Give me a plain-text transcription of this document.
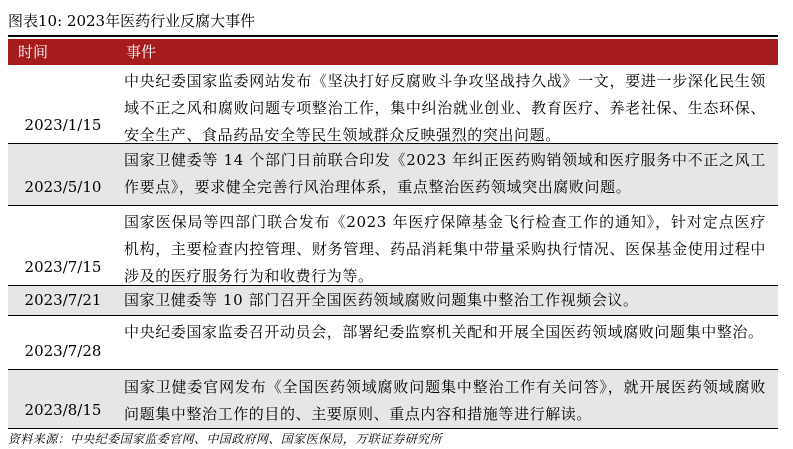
图表10: 2023年医药行业反腐大事件
时间	事件
2023/1/15
中央纪委国家监委网站发布《坚决打好反腐败斗争攻坚战持久战》一文，要进一步深化民生领域不正之风和腐败问题专项整治工作，集中纠治就业创业、教育医疗、养老社保、生态环保、安全生产、食品药品安全等民生领域群众反映强烈的突出问题。
2023/5/10
国家卫健委等 14 个部门日前联合印发《2023 年纠正医药购销领域和医疗服务中不正之风工作要点》，要求健全完善行风治理体系，重点整治医药领域突出腐败问题。
2023/7/15
国家医保局等四部门联合发布《2023 年医疗保障基金飞行检查工作的通知》，针对定点医疗机构，主要检查内控管理、财务管理、药品消耗集中带量采购执行情况、医保基金使用过程中涉及的医疗服务行为和收费行为等。
2023/7/21	国家卫健委等 10 部门召开全国医药领域腐败问题集中整治工作视频会议。
2023/7/28
中央纪委国家监委召开动员会，部署纪委监察机关配和开展全国医药领域腐败问题集中整治。
2023/8/15
国家卫健委官网发布《全国医药领域腐败问题集中整治工作有关问答》，就开展医药领域腐败问题集中整治工作的目的、主要原则、重点内容和措施等进行解读。
资料来源：中央纪委国家监委官网、中国政府网、国家医保局，万联证券研究所
